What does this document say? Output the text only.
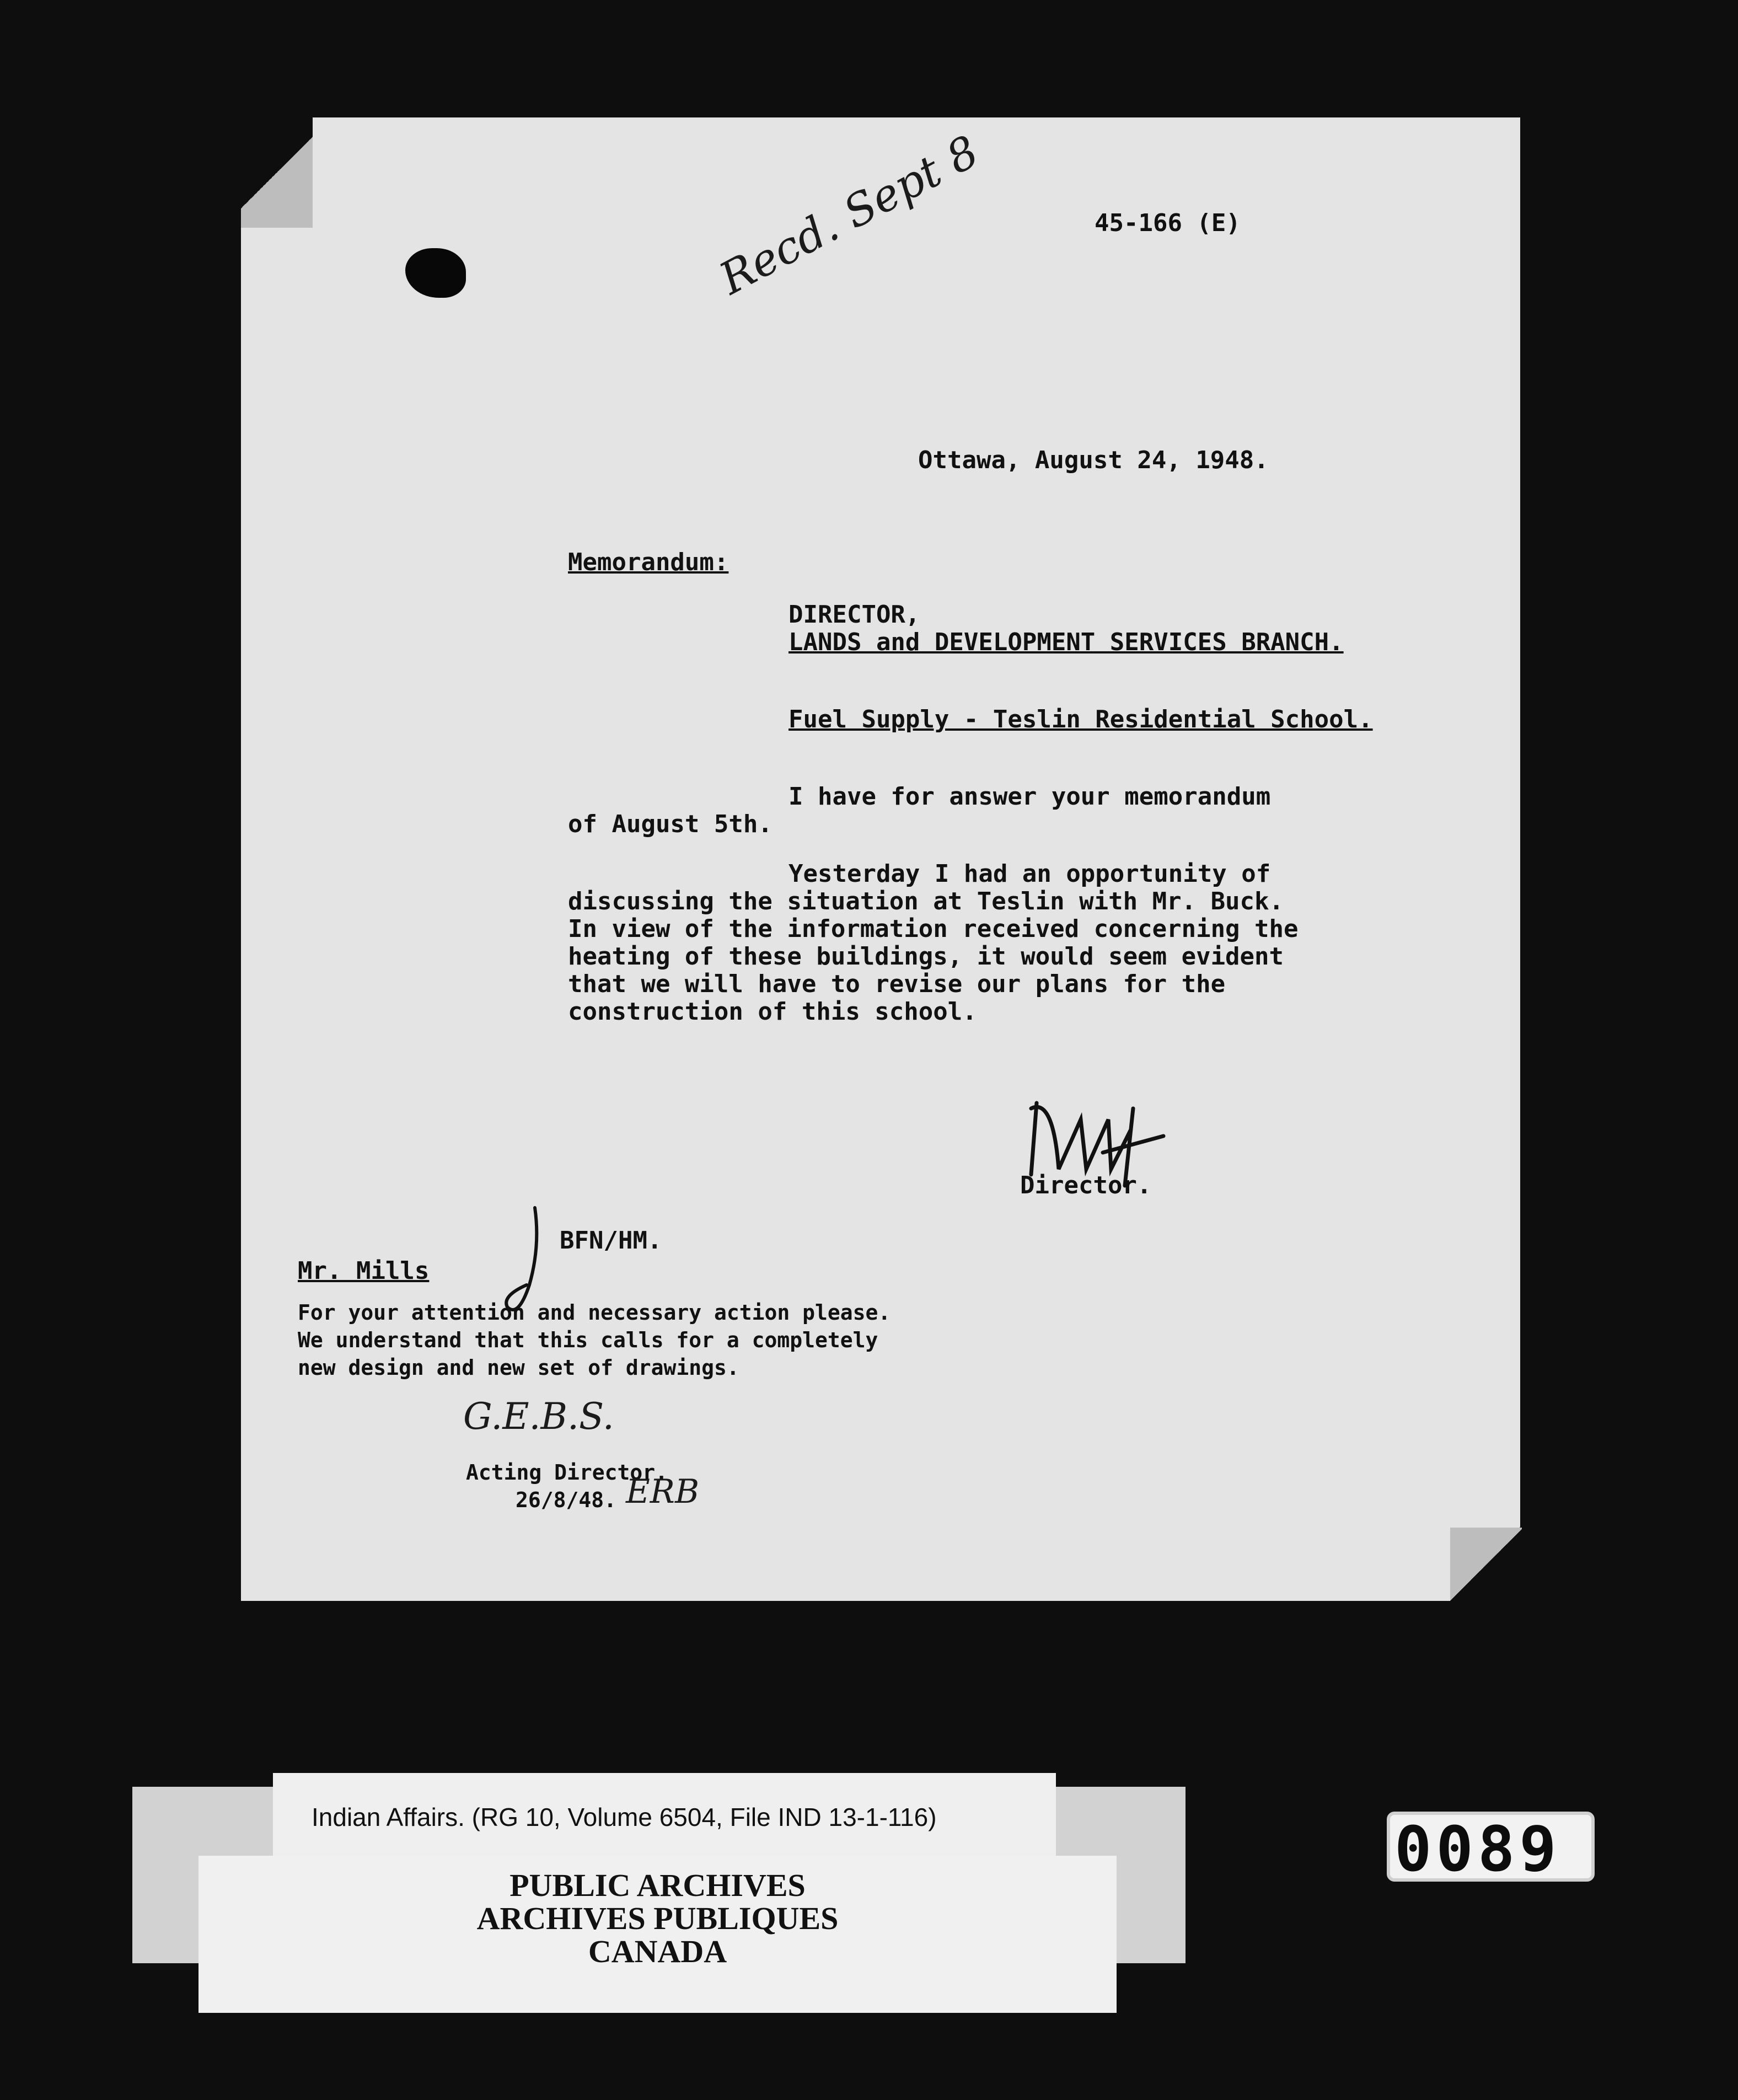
45-166 (E)
Recd. Sept 8
Ottawa, August 24, 1948.
Memorandum:
DIRECTOR,
LANDS and DEVELOPMENT SERVICES BRANCH.
Fuel Supply - Teslin Residential School.
I have for answer your memorandum
of August 5th.
Yesterday I had an opportunity of
discussing the situation at Teslin with Mr. Buck.
In view of the information received concerning the
heating of these buildings, it would seem evident
that we will have to revise our plans for the
construction of this school.
Director.
BFN/HM.
Mr. Mills
For your attention and necessary action please.
We understand that this calls for a completely
new design and new set of drawings.
G.E.B.S.
Acting Director.
26/8/48. ERB
Indian Affairs. (RG 10, Volume 6504, File IND 13-1-116)
PUBLIC ARCHIVES
ARCHIVES PUBLIQUES
CANADA
0089
